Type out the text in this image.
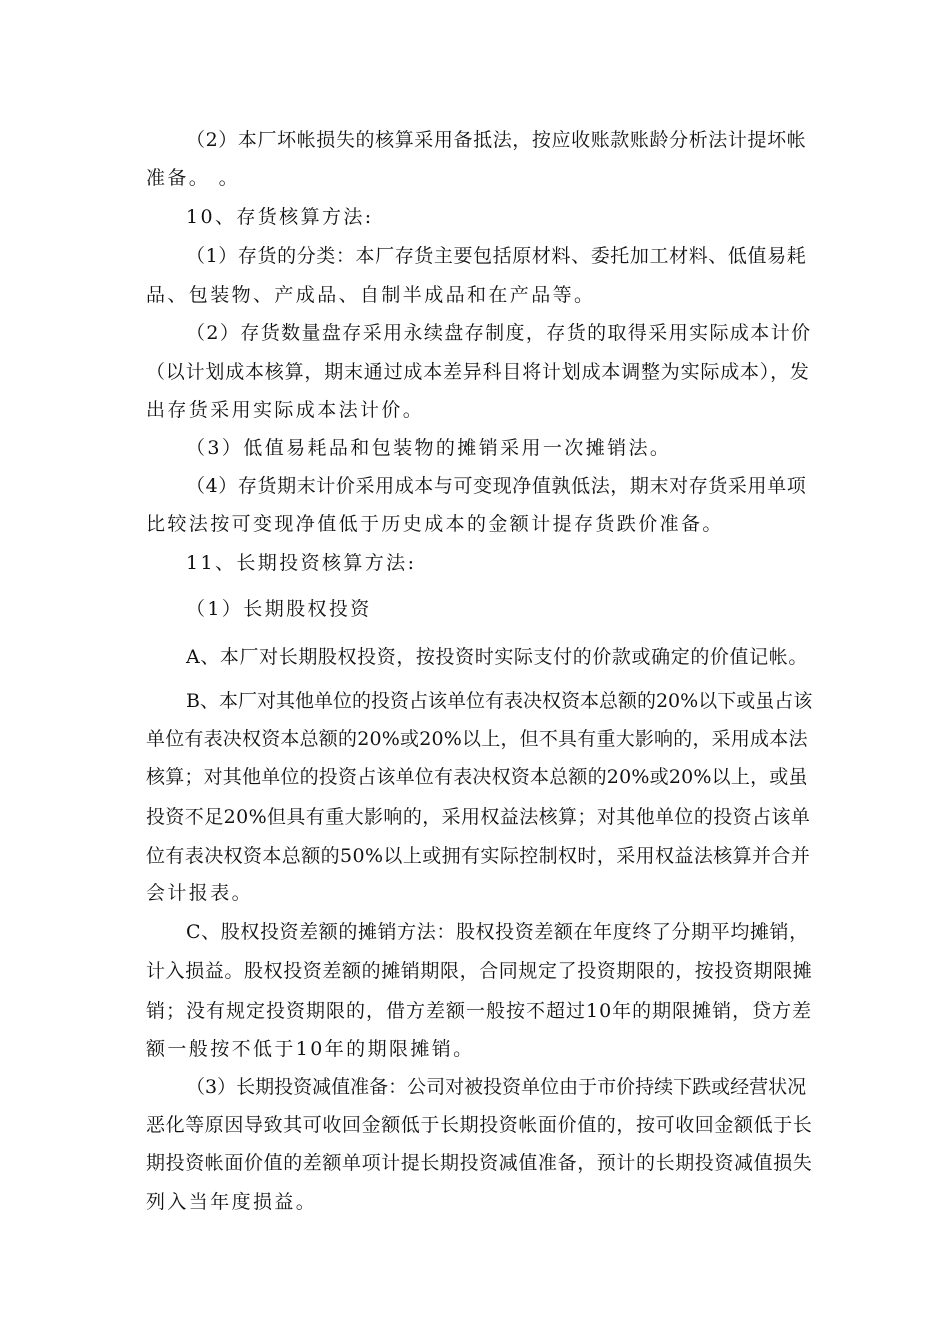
（2）本厂坏帐损失的核算采用备抵法，按应收账款账龄分析法计提坏帐
准备。 。
10、存货核算方法:
（1）存货的分类：本厂存货主要包括原材料、委托加工材料、低值易耗
品、包装物、产成品、自制半成品和在产品等。
（2）存货数量盘存采用永续盘存制度，存货的取得采用实际成本计价
（以计划成本核算，期末通过成本差异科目将计划成本调整为实际成本），发
出存货采用实际成本法计价。
（3）低值易耗品和包装物的摊销采用一次摊销法。
（4）存货期末计价采用成本与可变现净值孰低法，期末对存货采用单项
比较法按可变现净值低于历史成本的金额计提存货跌价准备。
11、长期投资核算方法:
（1）长期股权投资
A、本厂对长期股权投资，按投资时实际支付的价款或确定的价值记帐。
B、本厂对其他单位的投资占该单位有表决权资本总额的20%以下或虽占该
单位有表决权资本总额的20%或20%以上，但不具有重大影响的，采用成本法
核算；对其他单位的投资占该单位有表决权资本总额的20%或20%以上，或虽
投资不足20%但具有重大影响的，采用权益法核算；对其他单位的投资占该单
位有表决权资本总额的50%以上或拥有实际控制权时，采用权益法核算并合并
会计报表。
C、股权投资差额的摊销方法：股权投资差额在年度终了分期平均摊销，
计入损益。股权投资差额的摊销期限，合同规定了投资期限的，按投资期限摊
销；没有规定投资期限的，借方差额一般按不超过10年的期限摊销，贷方差
额一般按不低于10年的期限摊销。
（3）长期投资减值准备：公司对被投资单位由于市价持续下跌或经营状况
恶化等原因导致其可收回金额低于长期投资帐面价值的，按可收回金额低于长
期投资帐面价值的差额单项计提长期投资减值准备，预计的长期投资减值损失
列入当年度损益。
